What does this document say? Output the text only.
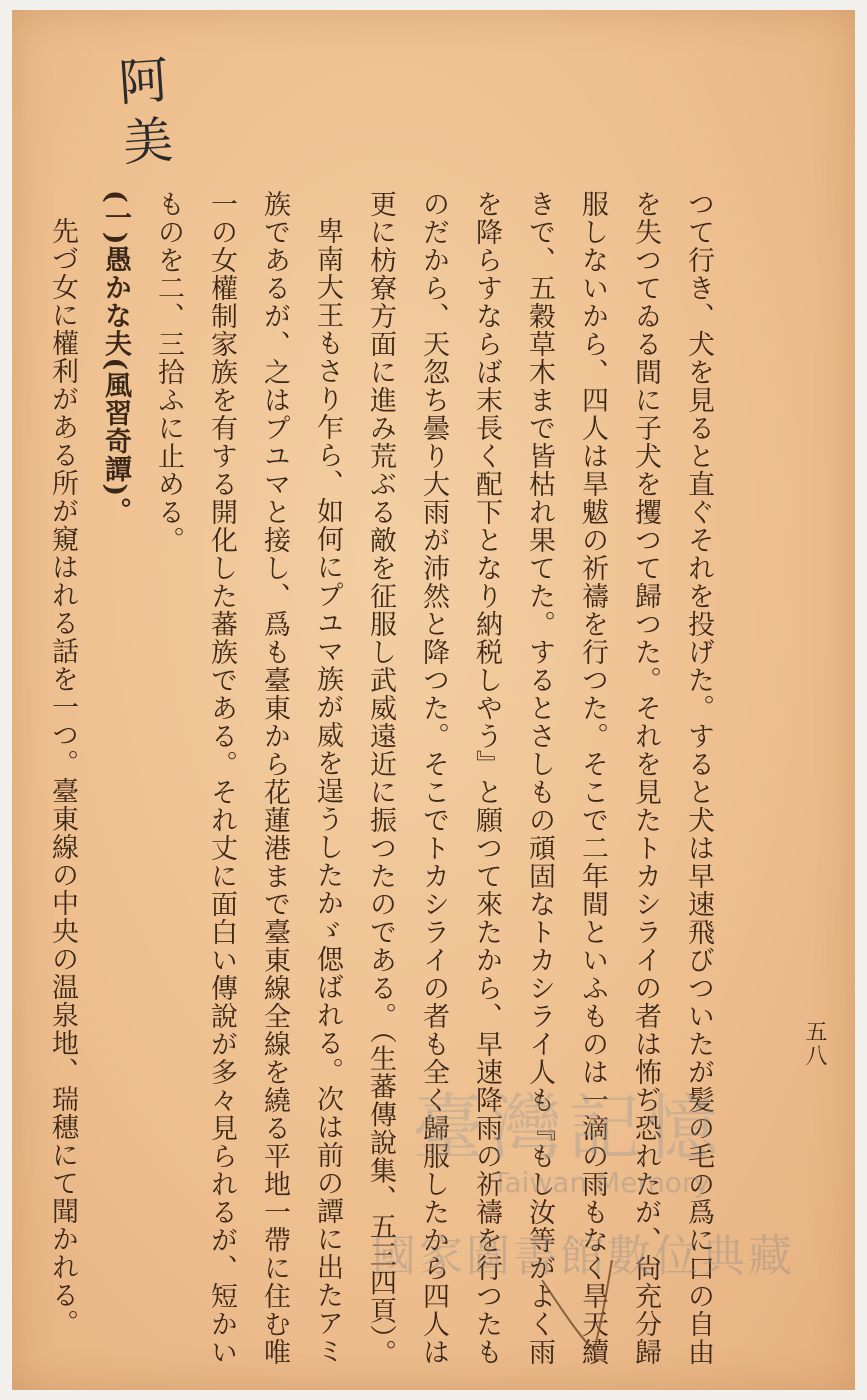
阿美
五八
つて行き、犬を見ると直ぐそれを投げた。すると犬は早速飛びついたが髪の毛の爲に口の自由
を失つてゐる間に子犬を攫つて歸つた。それを見たトカシライの者は怖ぢ恐れたが、尙充分歸
服しないから、四人は旱魃の祈禱を行つた。そこで二年間といふものは一滴の雨もなく旱天續
きで、五穀草木まで皆枯れ果てた。するとさしもの頑固なトカシライ人も『もし汝等がよく雨
を降らすならば末長く配下となり納税しやう』と願つて來たから、早速降雨の祈禱を行つたも
のだから、天忽ち曇り大雨が沛然と降つた。そこでトカシライの者も全く歸服したから四人は
更に枋寮方面に進み荒ぶる敵を征服し武威遠近に振つたのである。（生蕃傳說集、五三四頁）。
卑南大王もさり乍ら、如何にプユマ族が威を逞うしたかゞ偲ばれる。次は前の譚に出たアミ
族であるが、之はプユマと接し、爲も臺東から花蓮港まで臺東線全線を繞る平地一帶に住む唯
一の女權制家族を有する開化した蕃族である。それ丈に面白い傳說が多々見られるが、短かい
ものを二、三拾ふに止める。
(一)愚かな夫(風習奇譚)。
先づ女に權利がある所が窺はれる話を一つ。臺東線の中央の温泉地、瑞穗にて聞かれる。	臺灣記憶
Taiwan Memory
國家圖書館數位典藏
